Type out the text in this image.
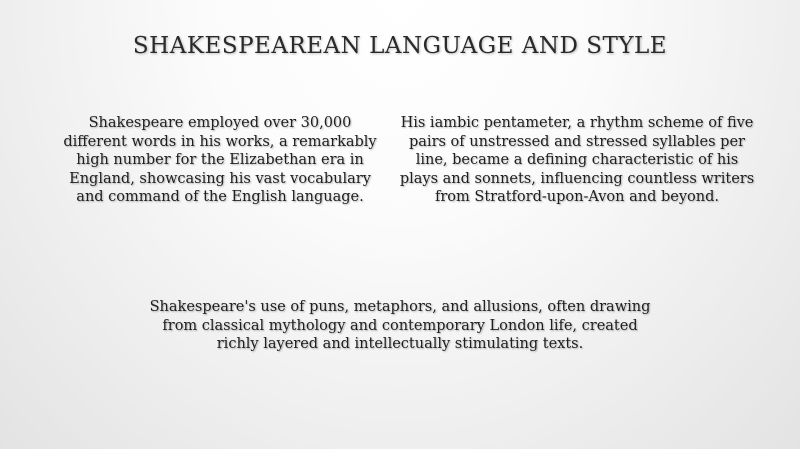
SHAKESPEAREAN LANGUAGE AND STYLE

Shakespeare employed over 30,000 different words in his works, a remarkably high number for the Elizabethan era in England, showcasing his vast vocabulary and command of the English language.

His iambic pentameter, a rhythm scheme of five pairs of unstressed and stressed syllables per line, became a defining characteristic of his plays and sonnets, influencing countless writers from Stratford-upon-Avon and beyond.

Shakespeare's use of puns, metaphors, and allusions, often drawing from classical mythology and contemporary London life, created richly layered and intellectually stimulating texts.
